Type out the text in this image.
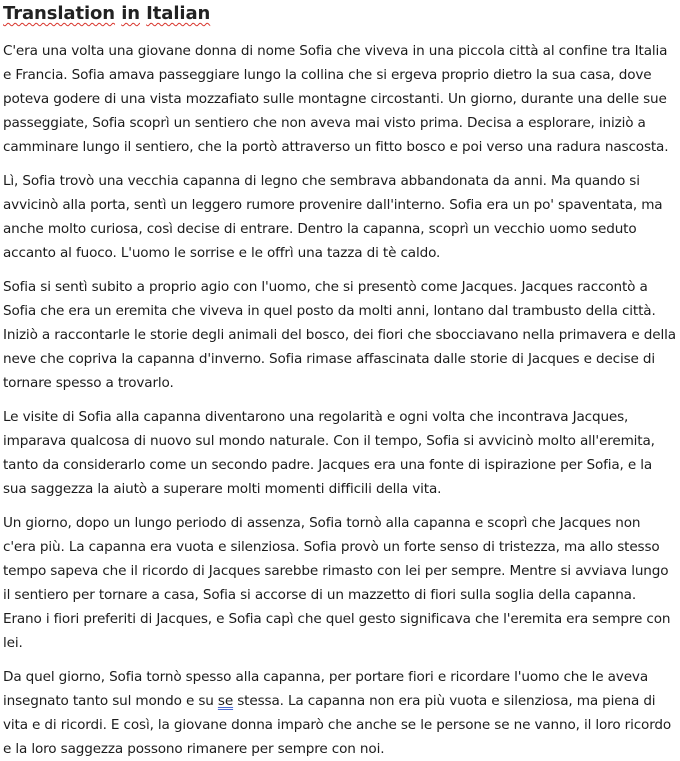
Translation in Italian

C'era una volta una giovane donna di nome Sofia che viveva in una piccola città al confine tra Italia e Francia. Sofia amava passeggiare lungo la collina che si ergeva proprio dietro la sua casa, dove poteva godere di una vista mozzafiato sulle montagne circostanti. Un giorno, durante una delle sue passeggiate, Sofia scoprì un sentiero che non aveva mai visto prima. Decisa a esplorare, iniziò a camminare lungo il sentiero, che la portò attraverso un fitto bosco e poi verso una radura nascosta.

Lì, Sofia trovò una vecchia capanna di legno che sembrava abbandonata da anni. Ma quando si avvicinò alla porta, sentì un leggero rumore provenire dall'interno. Sofia era un po' spaventata, ma anche molto curiosa, così decise di entrare. Dentro la capanna, scoprì un vecchio uomo seduto accanto al fuoco. L'uomo le sorrise e le offrì una tazza di tè caldo.

Sofia si sentì subito a proprio agio con l'uomo, che si presentò come Jacques. Jacques raccontò a Sofia che era un eremita che viveva in quel posto da molti anni, lontano dal trambusto della città. Iniziò a raccontarle le storie degli animali del bosco, dei fiori che sbocciavano nella primavera e della neve che copriva la capanna d'inverno. Sofia rimase affascinata dalle storie di Jacques e decise di tornare spesso a trovarlo.

Le visite di Sofia alla capanna diventarono una regolarità e ogni volta che incontrava Jacques, imparava qualcosa di nuovo sul mondo naturale. Con il tempo, Sofia si avvicinò molto all'eremita, tanto da considerarlo come un secondo padre. Jacques era una fonte di ispirazione per Sofia, e la sua saggezza la aiutò a superare molti momenti difficili della vita.

Un giorno, dopo un lungo periodo di assenza, Sofia tornò alla capanna e scoprì che Jacques non c'era più. La capanna era vuota e silenziosa. Sofia provò un forte senso di tristezza, ma allo stesso tempo sapeva che il ricordo di Jacques sarebbe rimasto con lei per sempre. Mentre si avviava lungo il sentiero per tornare a casa, Sofia si accorse di un mazzetto di fiori sulla soglia della capanna. Erano i fiori preferiti di Jacques, e Sofia capì che quel gesto significava che l'eremita era sempre con lei.

Da quel giorno, Sofia tornò spesso alla capanna, per portare fiori e ricordare l'uomo che le aveva insegnato tanto sul mondo e su se stessa. La capanna non era più vuota e silenziosa, ma piena di vita e di ricordi. E così, la giovane donna imparò che anche se le persone se ne vanno, il loro ricordo e la loro saggezza possono rimanere per sempre con noi.
